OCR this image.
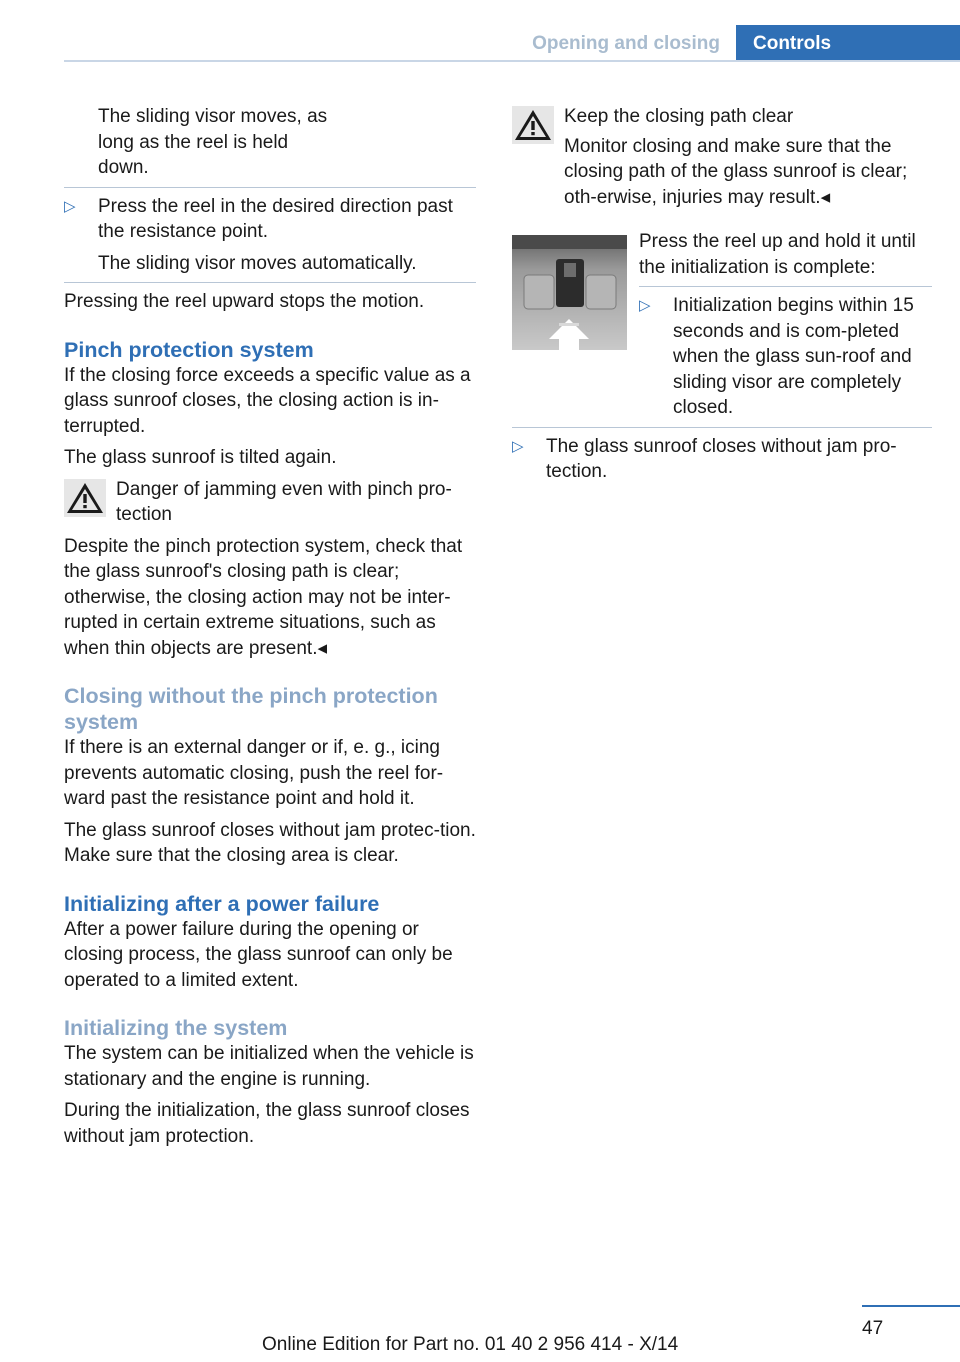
Opening and closing	Controls

The sliding visor moves, as
long as the reel is held
down.

▷ Press the reel in the desired direction past the resistance point.

The sliding visor moves automatically.

Pressing the reel upward stops the motion.

Pinch protection system

If the closing force exceeds a specific value as a glass sunroof closes, the closing action is in-terrupted.

The glass sunroof is tilted again.

Danger of jamming even with pinch pro-tection

Despite the pinch protection system, check that the glass sunroof's closing path is clear; otherwise, the closing action may not be inter-rupted in certain extreme situations, such as when thin objects are present.◂

Closing without the pinch protection system

If there is an external danger or if, e. g., icing prevents automatic closing, push the reel for-ward past the resistance point and hold it.

The glass sunroof closes without jam protec-tion. Make sure that the closing area is clear.

Initializing after a power failure

After a power failure during the opening or closing process, the glass sunroof can only be operated to a limited extent.

Initializing the system

The system can be initialized when the vehicle is stationary and the engine is running.

During the initialization, the glass sunroof closes without jam protection.

Keep the closing path clear

Monitor closing and make sure that the closing path of the glass sunroof is clear; oth-erwise, injuries may result.◂

Press the reel up and hold it until the initialization is complete:

▷ Initialization begins within 15 seconds and is com-pleted when the glass sun-roof and sliding visor are completely closed.
▷ The glass sunroof closes without jam pro-tection.
47
Online Edition for Part no. 01 40 2 956 414 - X/14
